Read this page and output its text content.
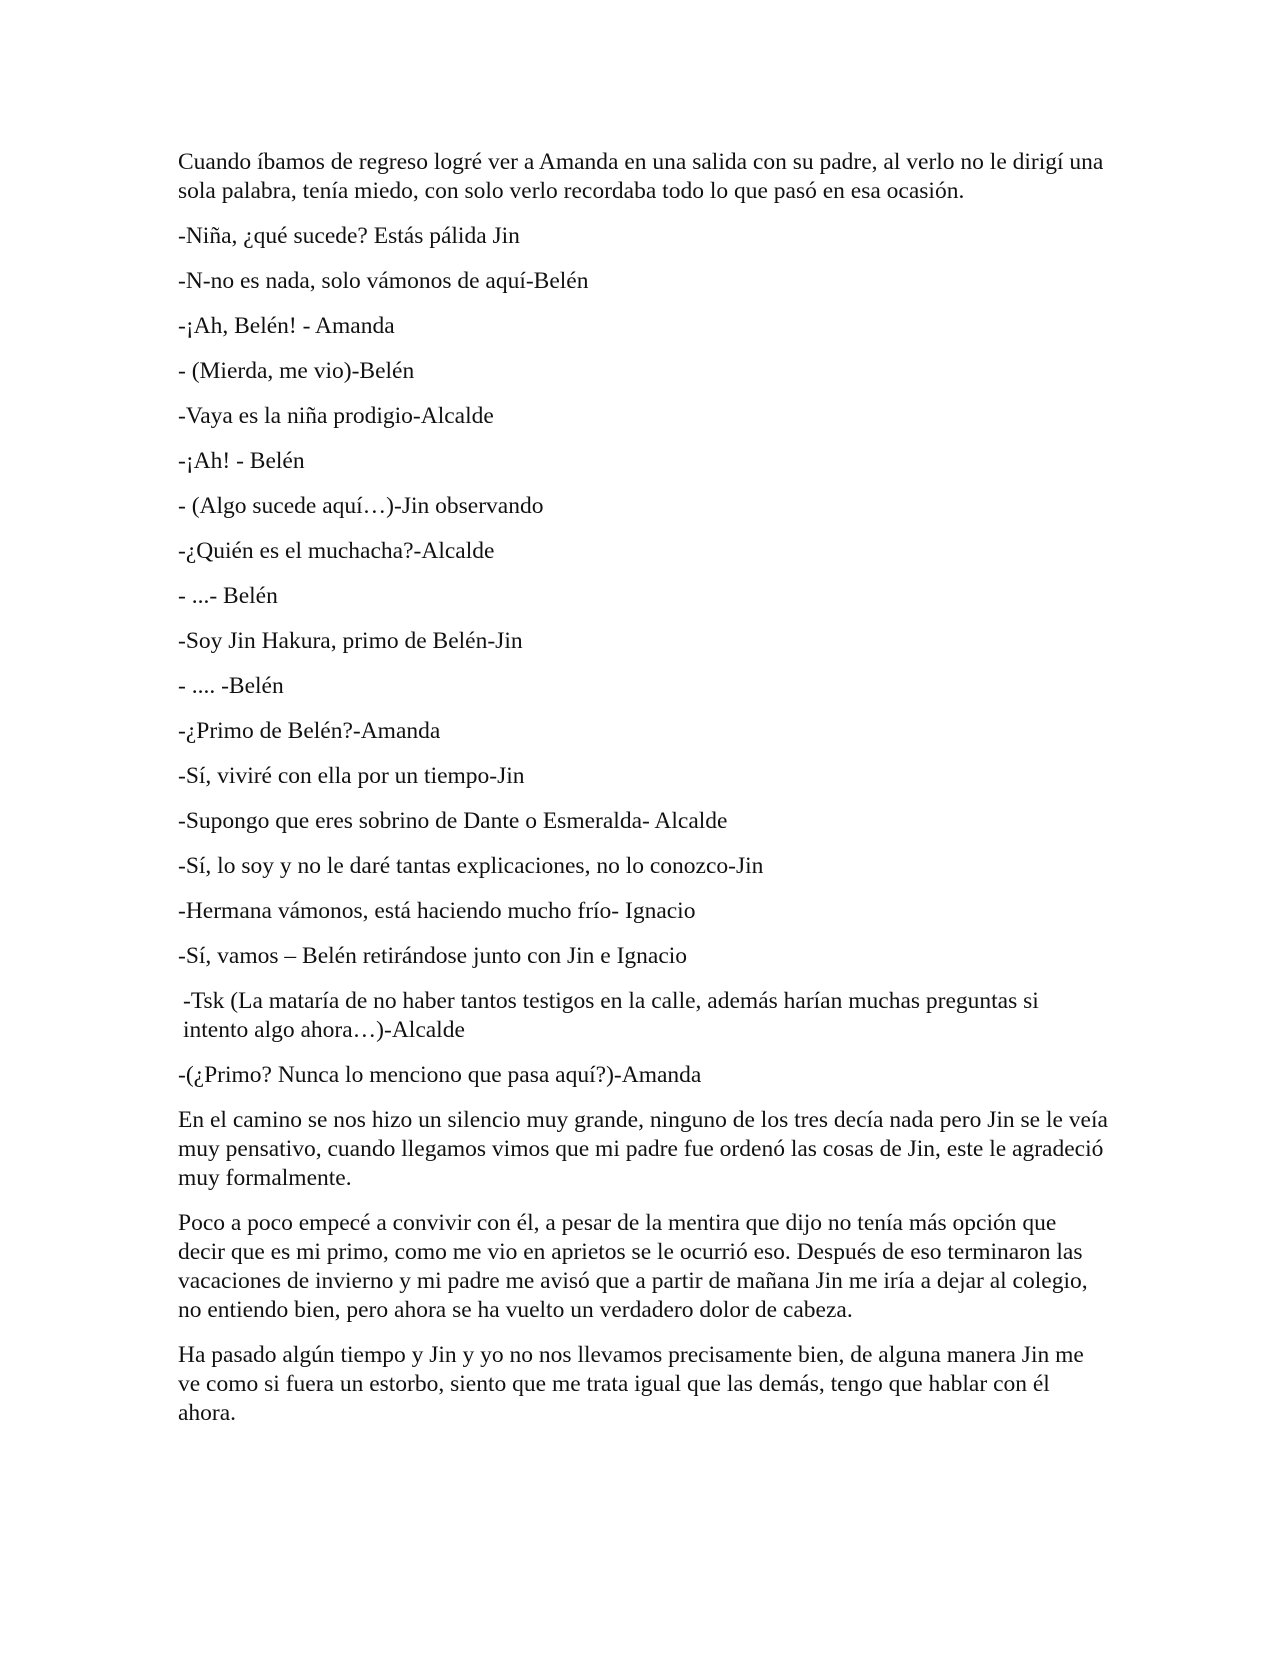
Cuando íbamos de regreso logré ver a Amanda en una salida con su padre, al verlo no le dirigí una sola palabra, tenía miedo, con solo verlo recordaba todo lo que pasó en esa ocasión.

-Niña, ¿qué sucede? Estás pálida Jin

-N-no es nada, solo vámonos de aquí-Belén

-¡Ah, Belén! - Amanda

- (Mierda, me vio)-Belén

-Vaya es la niña prodigio-Alcalde

-¡Ah! - Belén

- (Algo sucede aquí…)-Jin observando

-¿Quién es el muchacha?-Alcalde

- ...- Belén

-Soy Jin Hakura, primo de Belén-Jin

- .... -Belén

-¿Primo de Belén?-Amanda

-Sí, viviré con ella por un tiempo-Jin

-Supongo que eres sobrino de Dante o Esmeralda- Alcalde

-Sí, lo soy y no le daré tantas explicaciones, no lo conozco-Jin

-Hermana vámonos, está haciendo mucho frío- Ignacio

-Sí, vamos – Belén retirándose junto con Jin e Ignacio

-Tsk (La mataría de no haber tantos testigos en la calle, además harían muchas preguntas si intento algo ahora…)-Alcalde

-(¿Primo? Nunca lo menciono que pasa aquí?)-Amanda

En el camino se nos hizo un silencio muy grande, ninguno de los tres decía nada pero Jin se le veía muy pensativo, cuando llegamos vimos que mi padre fue ordenó las cosas de Jin, este le agradeció muy formalmente.

Poco a poco empecé a convivir con él, a pesar de la mentira que dijo no tenía más opción que decir que es mi primo, como me vio en aprietos se le ocurrió eso. Después de eso terminaron las vacaciones de invierno y mi padre me avisó que a partir de mañana Jin me iría a dejar al colegio, no entiendo bien, pero ahora se ha vuelto un verdadero dolor de cabeza.

Ha pasado algún tiempo y Jin y yo no nos llevamos precisamente bien, de alguna manera Jin me ve como si fuera un estorbo, siento que me trata igual que las demás, tengo que hablar con él ahora.
